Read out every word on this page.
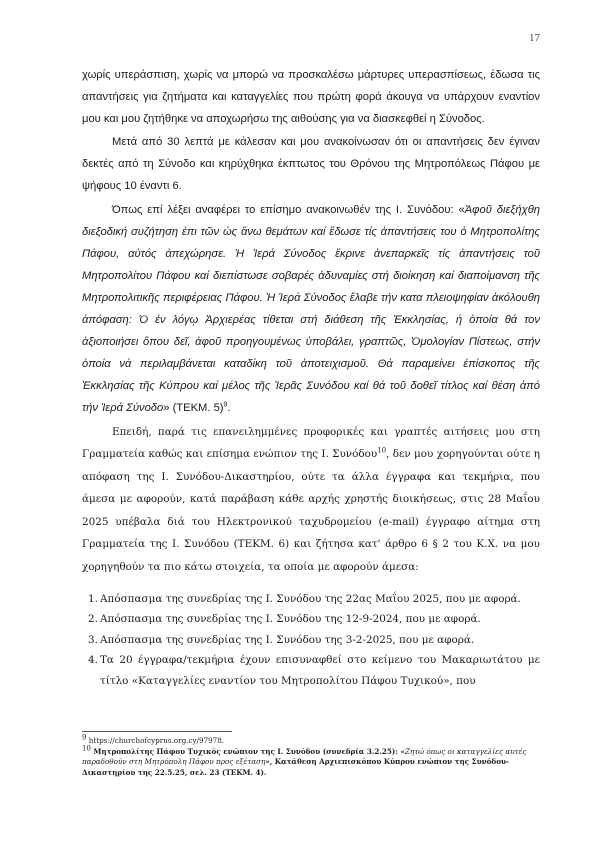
17

χωρίς υπεράσπιση, χωρίς να μπορώ να προσκαλέσω μάρτυρες υπερασπίσεως, έδωσα τις απαντήσεις για ζητήματα και καταγγελίες που πρώτη φορά άκουγα να υπάρχουν εναντίον μου και μου ζητήθηκε να αποχωρήσω της αιθούσης για να διασκεφθεί η Σύνοδος.

Μετά από 30 λεπτά με κάλεσαν και μου ανακοίνωσαν ότι οι απαντήσεις δεν έγιναν δεκτές από τη Σύνοδο και κηρύχθηκα έκπτωτος του Θρόνου της Μητροπόλεως Πάφου με ψήφους 10 έναντι 6.

Όπως επί λέξει αναφέρει το επίσημο ανακοινωθέν της Ι. Συνόδου: «Ἀφοῦ διεξήχθη διεξοδική συζήτηση ἐπι τῶν ὡς ἄνω θεμάτων καί ἔδωσε τίς ἀπαντήσεις του ὁ Μητροπολίτης Πάφου, αὐτός ἀπεχώρησε. Ἡ Ἱερά Σύνοδος ἔκρινε ἀνεπαρκεῖς τίς ἀπαντήσεις τοῦ Μητροπολίτου Πάφου καί διεπίστωσε σοβαρές ἀδυναμίες στή διοίκηση καί διαποίμανση τῆς Μητροπολιτικῆς περιφέρειας Πάφου. Ἡ Ἱερά Σύνοδος ἔλαβε τήν κατα πλειοψηφίαν ἀκόλουθη ἀπόφαση: Ὁ ἐν λόγῳ Ἀρχιερέας τίθεται στή διάθεση τῆς Ἐκκλησίας, ἡ ὁποία θά τον ἀξιοποιήσει ὅπου δεῖ, ἀφοῦ προηγουμένως ὑποβάλει, γραπτῶς, Ὁμολογίαν Πίστεως, στήν ὁποία νά περιλαμβάνεται καταδίκη τοῦ ἀποτειχισμοῦ. Θά παραμείνει ἐπίσκοπος τῆς Ἐκκλησίας τῆς Κύπρου καί μέλος τῆς Ἱερᾶς Συνόδου καί θά τοῦ δοθεῖ τίτλος καί θέση ἀπό τήν Ἱερά Σύνοδο» (ΤΕΚΜ. 5)$^9$.

Επειδή, παρά τις επανειλημμένες προφορικές και γραπτές αιτήσεις μου στη Γραμματεία καθώς και επίσημα ενώπιον της Ι. Συνόδου$^{10}$, δεν μου χορηγούνται ούτε η απόφαση της Ι. Συνόδου-Δικαστηρίου, ούτε τα άλλα έγγραφα και τεκμήρια, που άμεσα με αφορούν, κατά παράβαση κάθε αρχής χρηστής διοικήσεως, στις 28 Μαΐου 2025 υπέβαλα διά του Ηλεκτρονικού ταχυδρομείου (e-mail) έγγραφο αίτημα στη Γραμματεία της Ι. Συνόδου (ΤΕΚΜ. 6) και ζήτησα κατ' άρθρο 6 § 2 του Κ.Χ. να μου χορηγηθούν τα πιο κάτω στοιχεία, τα οποία με αφορούν άμεσα:

1. Απόσπασμα της συνεδρίας της Ι. Συνόδου της 22ας Μαΐου 2025, που με αφορά.
2. Απόσπασμα της συνεδρίας της Ι. Συνόδου της 12-9-2024, που με αφορά.
3. Απόσπασμα της συνεδρίας της Ι. Συνόδου της 3-2-2025, που με αφορά.
4. Τα 20 έγγραφα/τεκμήρια έχουν επισυναφθεί στο κείμενο του Μακαριωτάτου με τίτλο «Καταγγελίες εναντίον του Μητροπολίτου Πάφου Τυχικού», που

$^9$ https://churchofcyprus.org.cy/97978.

$^{10}$ Μητροπολίτης Πάφου Τυχικός ενώπιον της Ι. Συνόδου (συνεδρία 3.2.25): «Ζητώ όπως οι καταγγελίες αυτές παραδοθούν στη Μητρόπολη Πάφου προς εξέταση», Κατάθεση Αρχιεπισκόπου Κύπρου ενώπιον της Συνόδου-Δικαστηρίου της 22.5.25, σελ. 23 (ΤΕΚΜ. 4).
